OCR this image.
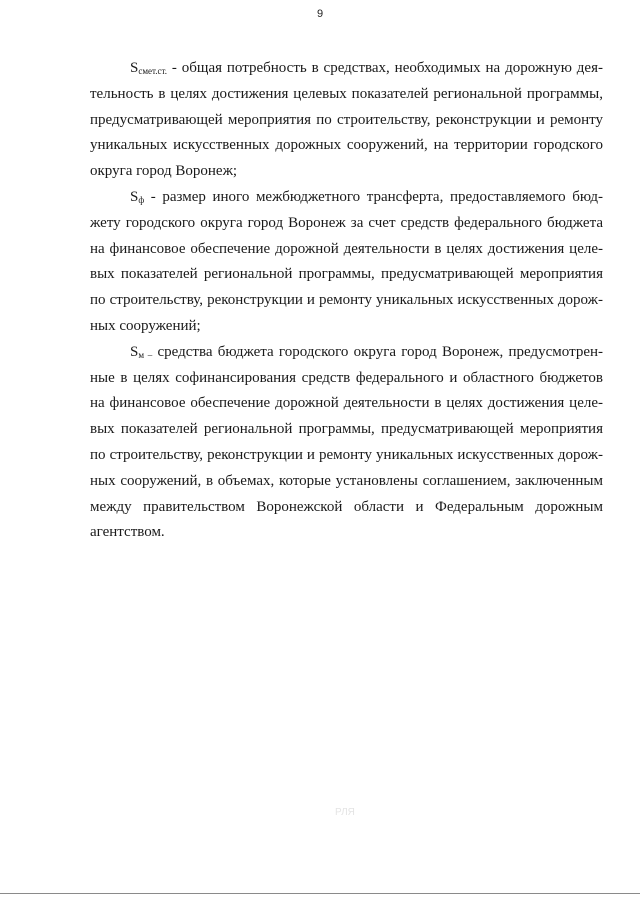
9
$S_{смет.ст.}$ - общая потребность в средствах, необходимых на дорожную дея-
тельность в целях достижения целевых показателей региональной программы,
предусматривающей мероприятия по строительству, реконструкции и ремонту
уникальных искусственных дорожных сооружений, на территории городского
округа город Воронеж;
$S_ф$ - размер иного межбюджетного трансферта, предоставляемого бюд-
жету городского округа город Воронеж за счет средств федерального бюджета
на финансовое обеспечение дорожной деятельности в целях достижения целе-
вых показателей региональной программы, предусматривающей мероприятия
по строительству, реконструкции и ремонту уникальных искусственных дорож-
ных сооружений;
$S_{м -}$ средства бюджета городского округа город Воронеж, предусмотрен-
ные в целях софинансирования средств федерального и областного бюджетов
на финансовое обеспечение дорожной деятельности в целях достижения целе-
вых показателей региональной программы, предусматривающей мероприятия
по строительству, реконструкции и ремонту уникальных искусственных дорож-
ных сооружений, в объемах, которые установлены соглашением, заключенным
между правительством Воронежской области и Федеральным дорожным
агентством.
РЛЯ
